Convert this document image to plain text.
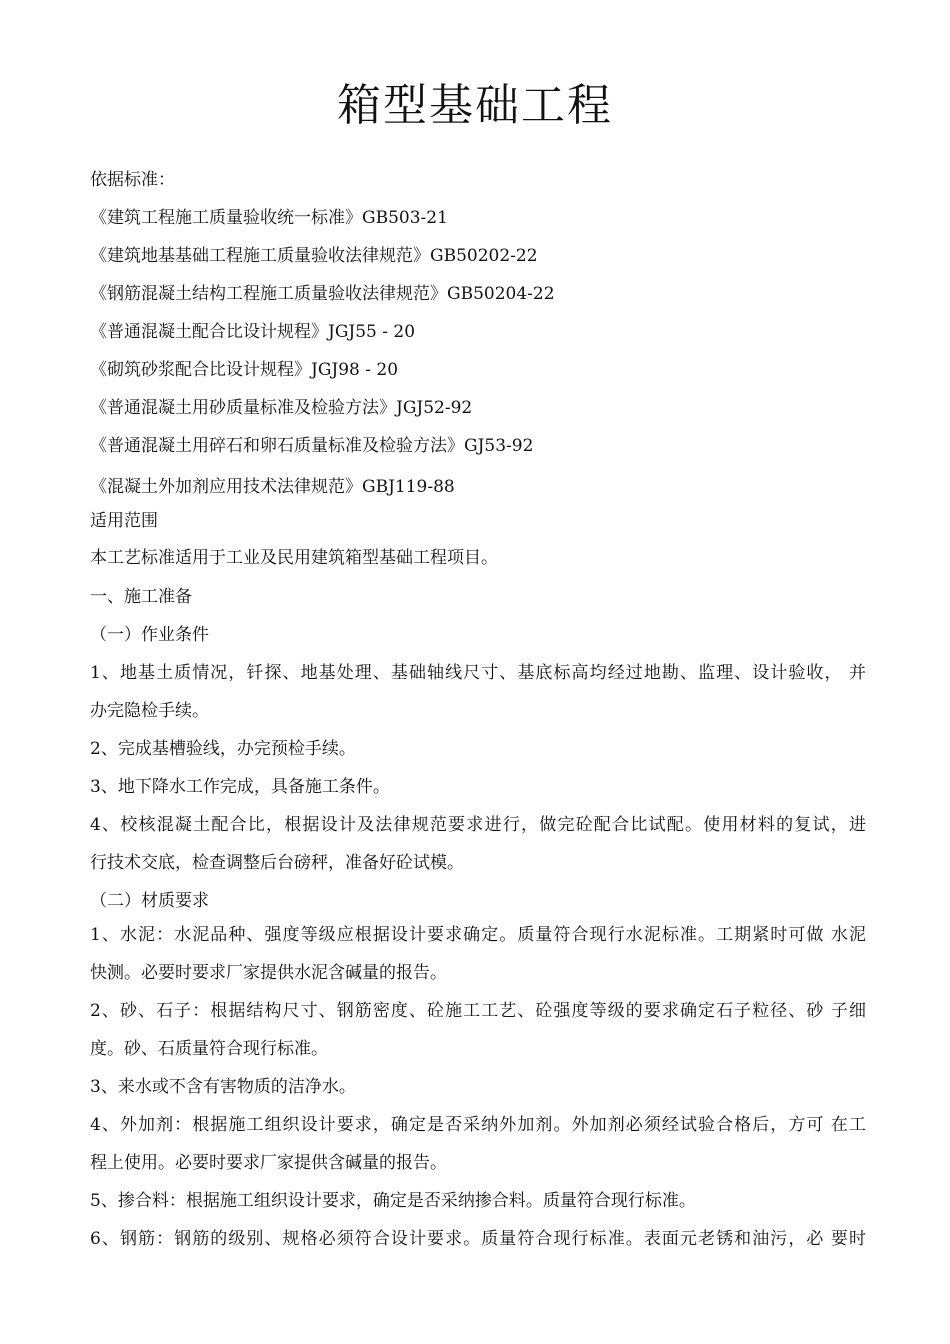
箱型基础工程

依据标准：

《建筑工程施工质量验收统一标准》GB503-21

《建筑地基基础工程施工质量验收法律规范》GB50202-22

《钢筋混凝土结构工程施工质量验收法律规范》GB50204-22

《普通混凝土配合比设计规程》JGJ55 - 20

《砌筑砂浆配合比设计规程》JGJ98 - 20

《普通混凝土用砂质量标准及检验方法》JGJ52-92

《普通混凝土用碎石和卵石质量标准及检验方法》GJ53-92

《混凝土外加剂应用技术法律规范》GBJ119-88

适用范围

本工艺标准适用于工业及民用建筑箱型基础工程项目。

一、施工准备

（一）作业条件

1、地基土质情况，钎探、地基处理、基础轴线尺寸、基底标高均经过地勘、监理、设计验收， 并

办完隐检手续。

2、完成基槽验线，办完预检手续。

3、地下降水工作完成，具备施工条件。

4、校核混凝土配合比，根据设计及法律规范要求进行，做完砼配合比试配。使用材料的复试，进

行技术交底，检查调整后台磅秤，准备好砼试模。

（二）材质要求

1、水泥：水泥品种、强度等级应根据设计要求确定。质量符合现行水泥标准。工期紧时可做 水泥

快测。必要时要求厂家提供水泥含碱量的报告。

2、砂、石子：根据结构尺寸、钢筋密度、砼施工工艺、砼强度等级的要求确定石子粒径、砂 子细

度。砂、石质量符合现行标准。

3、来水或不含有害物质的洁净水。

4、外加剂：根据施工组织设计要求，确定是否采纳外加剂。外加剂必须经试验合格后，方可 在工

程上使用。必要时要求厂家提供含碱量的报告。

5、掺合料：根据施工组织设计要求，确定是否采纳掺合料。质量符合现行标准。

6、钢筋：钢筋的级别、规格必须符合设计要求。质量符合现行标准。表面元老锈和油污，必 要时
